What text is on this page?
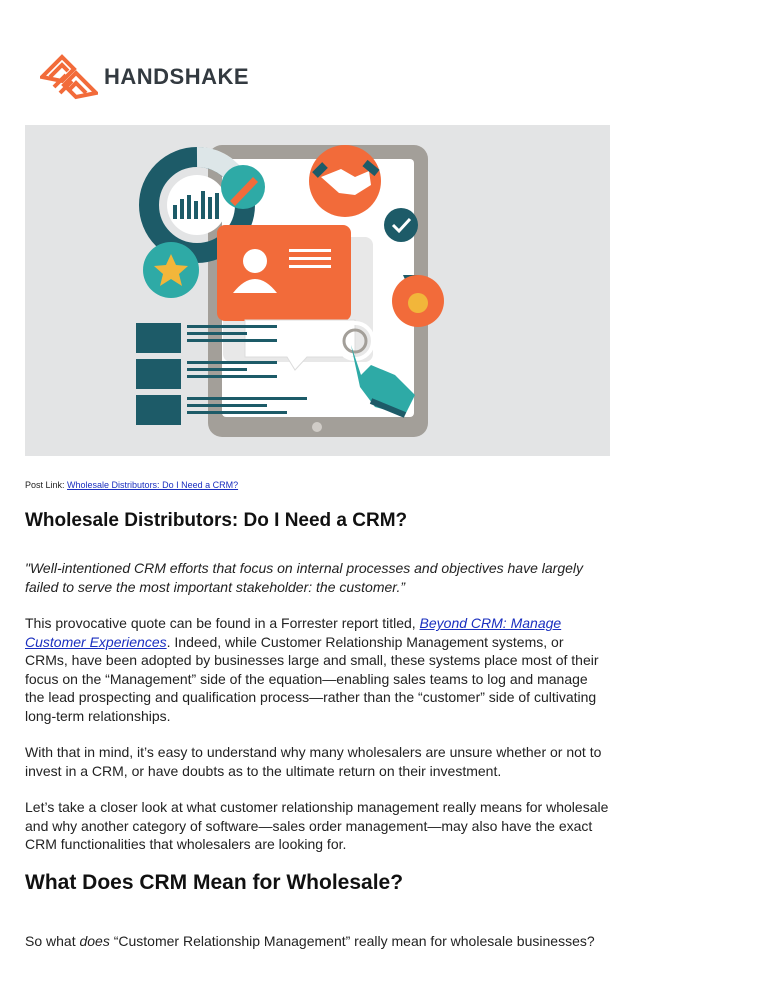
HANDSHAKE
Post Link: Wholesale Distributors: Do I Need a CRM?
Wholesale Distributors: Do I Need a CRM?

"Well-intentioned CRM efforts that focus on internal processes and objectives have largely failed to serve the most important stakeholder: the customer.”

This provocative quote can be found in a Forrester report titled, Beyond CRM: Manage Customer Experiences. Indeed, while Customer Relationship Management systems, or CRMs, have been adopted by businesses large and small, these systems place most of their focus on the “Management” side of the equation—enabling sales teams to log and manage the lead prospecting and qualification process—rather than the “customer” side of cultivating long-term relationships.

With that in mind, it’s easy to understand why many wholesalers are unsure whether or not to invest in a CRM, or have doubts as to the ultimate return on their investment.

Let’s take a closer look at what customer relationship management really means for wholesale and why another category of software—sales order management—may also have the exact CRM functionalities that wholesalers are looking for.

What Does CRM Mean for Wholesale?

So what does “Customer Relationship Management” really mean for wholesale businesses?
